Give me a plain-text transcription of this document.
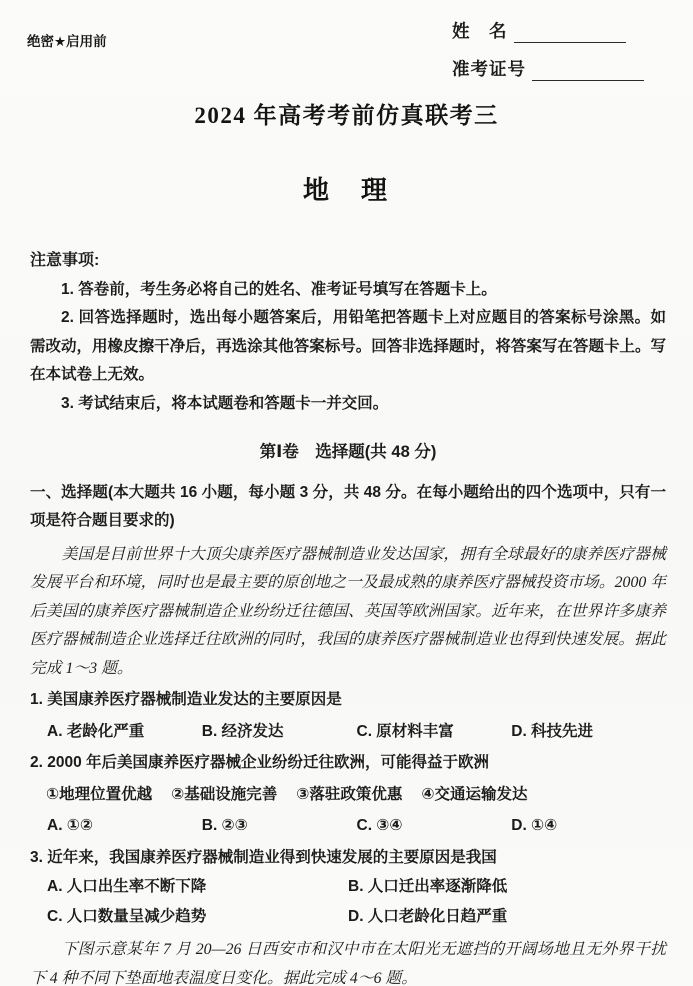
绝密★启用前
姓　名
准考证号
2024 年高考考前仿真联考三
地　理
注意事项:

1. 答卷前，考生务必将自己的姓名、准考证号填写在答题卡上。

2. 回答选择题时，选出每小题答案后，用铅笔把答题卡上对应题目的答案标号涂黑。如需改动，用橡皮擦干净后，再选涂其他答案标号。回答非选择题时，将答案写在答题卡上。写在本试卷上无效。

3. 考试结束后，将本试题卷和答题卡一并交回。

第Ⅰ卷　选择题(共 48 分)

一、选择题(本大题共 16 小题，每小题 3 分，共 48 分。在每小题给出的四个选项中，只有一项是符合题目要求的)

美国是目前世界十大顶尖康养医疗器械制造业发达国家，拥有全球最好的康养医疗器械发展平台和环境，同时也是最主要的原创地之一及最成熟的康养医疗器械投资市场。2000 年后美国的康养医疗器械制造企业纷纷迁往德国、英国等欧洲国家。近年来，在世界许多康养医疗器械制造企业选择迁往欧洲的同时，我国的康养医疗器械制造业也得到快速发展。据此完成 1～3 题。

1. 美国康养医疗器械制造业发达的主要原因是

A. 老龄化严重	B. 经济发达	C. 原材料丰富	D. 科技先进

2. 2000 年后美国康养医疗器械企业纷纷迁往欧洲，可能得益于欧洲

①地理位置优越 ②基础设施完善 ③落驻政策优惠 ④交通运输发达
A. ①②	B. ②③	C. ③④	D. ①④

3. 近年来，我国康养医疗器械制造业得到快速发展的主要原因是我国

A. 人口出生率不断下降	B. 人口迁出率逐渐降低
C. 人口数量呈减少趋势	D. 人口老龄化日趋严重

下图示意某年 7 月 20—26 日西安市和汉中市在太阳光无遮挡的开阔场地且无外界干扰下 4 种不同下垫面地表温度日变化。据此完成 4～6 题。
